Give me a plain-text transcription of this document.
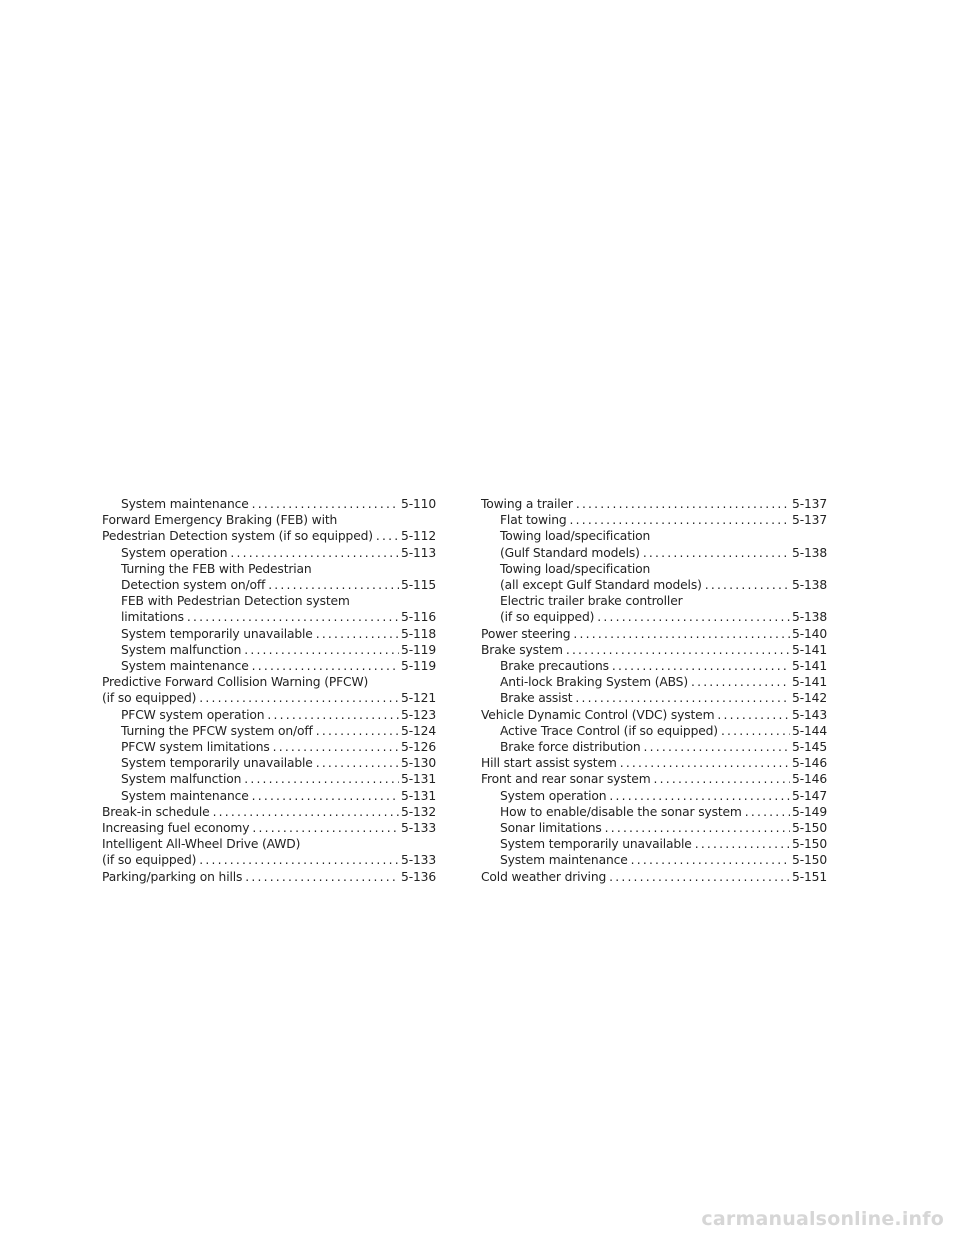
System maintenance .....	5-110
Forward Emergency Braking (FEB) with
Pedestrian Detection system (if so equipped) ..... 5-112
System operation .....	5-113
Turning the FEB with Pedestrian
Detection system on/off .....	5-115
FEB with Pedestrian Detection system
limitations .....	5-116
System temporarily unavailable .....	5-118
System malfunction .....	5-119
System maintenance .....	5-119
Predictive Forward Collision Warning (PFCW)
(if so equipped) .....	5-121
PFCW system operation .....	5-123
Turning the PFCW system on/off .....	5-124
PFCW system limitations .....	5-126
System temporarily unavailable .....	5-130
System malfunction .....	5-131
System maintenance .....	5-131
Break-in schedule .....	5-132
Increasing fuel economy .....	5-133
Intelligent All-Wheel Drive (AWD)
(if so equipped) .....	5-133
Parking/parking on hills .....	5-136
Towing a trailer .....	5-137
Flat towing .....	5-137
Towing load/specification
(Gulf Standard models) .....	5-138
Towing load/specification
(all except Gulf Standard models) .....	5-138
Electric trailer brake controller
(if so equipped) .....	5-138
Power steering .....	5-140
Brake system .....	5-141
Brake precautions .....	5-141
Anti-lock Braking System (ABS) .....	5-141
Brake assist .....	5-142
Vehicle Dynamic Control (VDC) system .....	5-143
Active Trace Control (if so equipped) .....	5-144
Brake force distribution .....	5-145
Hill start assist system .....	5-146
Front and rear sonar system .....	5-146
System operation .....	5-147
How to enable/disable the sonar system .....	5-149
Sonar limitations .....	5-150
System temporarily unavailable .....	5-150
System maintenance .....	5-150
Cold weather driving .....	5-151
carmanualsonline.info
